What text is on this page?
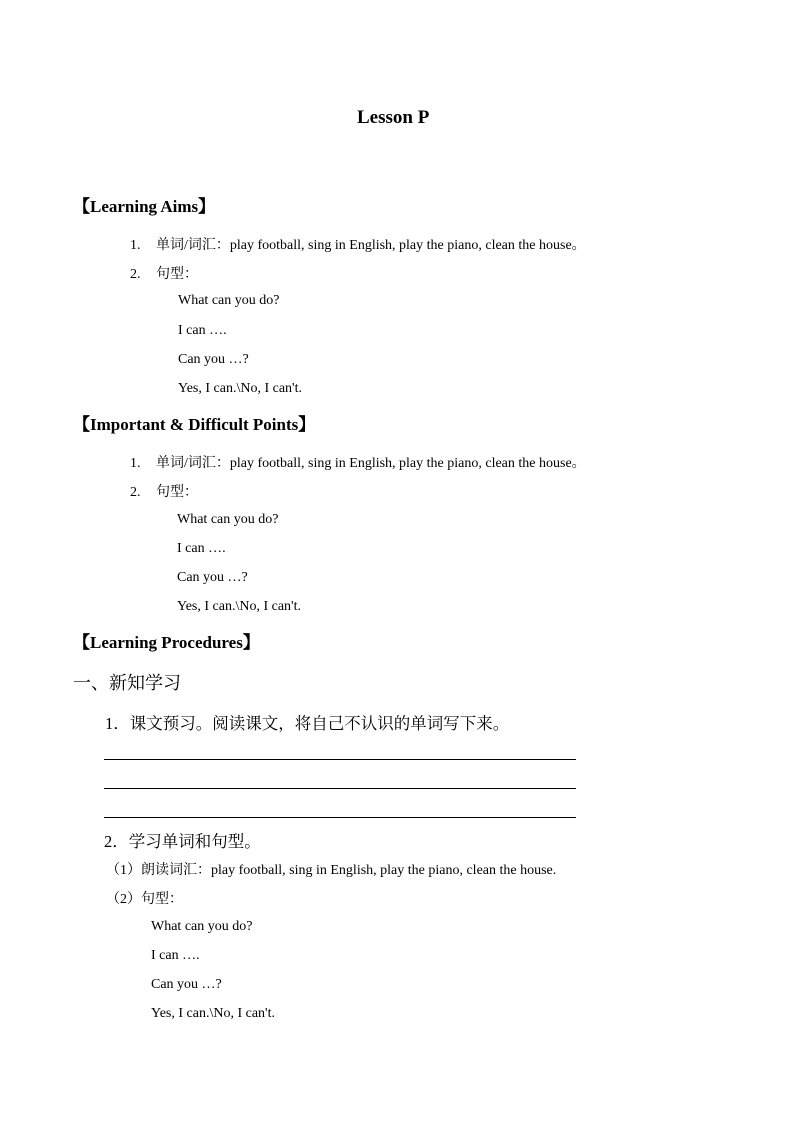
Lesson P
【Learning Aims】
1. 单词/词汇：play football, sing in English, play the piano, clean the house。
2. 句型：
What can you do?
I can ….
Can you …?
Yes, I can.\No, I can't.
【Important & Difficult Points】
1. 单词/词汇：play football, sing in English, play the piano, clean the house。
2. 句型：
What can you do?
I can ….
Can you …?
Yes, I can.\No, I can't.
【Learning Procedures】
一、新知学习
1．课文预习。阅读课文，将自己不认识的单词写下来。
2．学习单词和句型。
（1）朗读词汇：play football, sing in English, play the piano, clean the house.
（2）句型：
What can you do?
I can ….
Can you …?
Yes, I can.\No, I can't.
